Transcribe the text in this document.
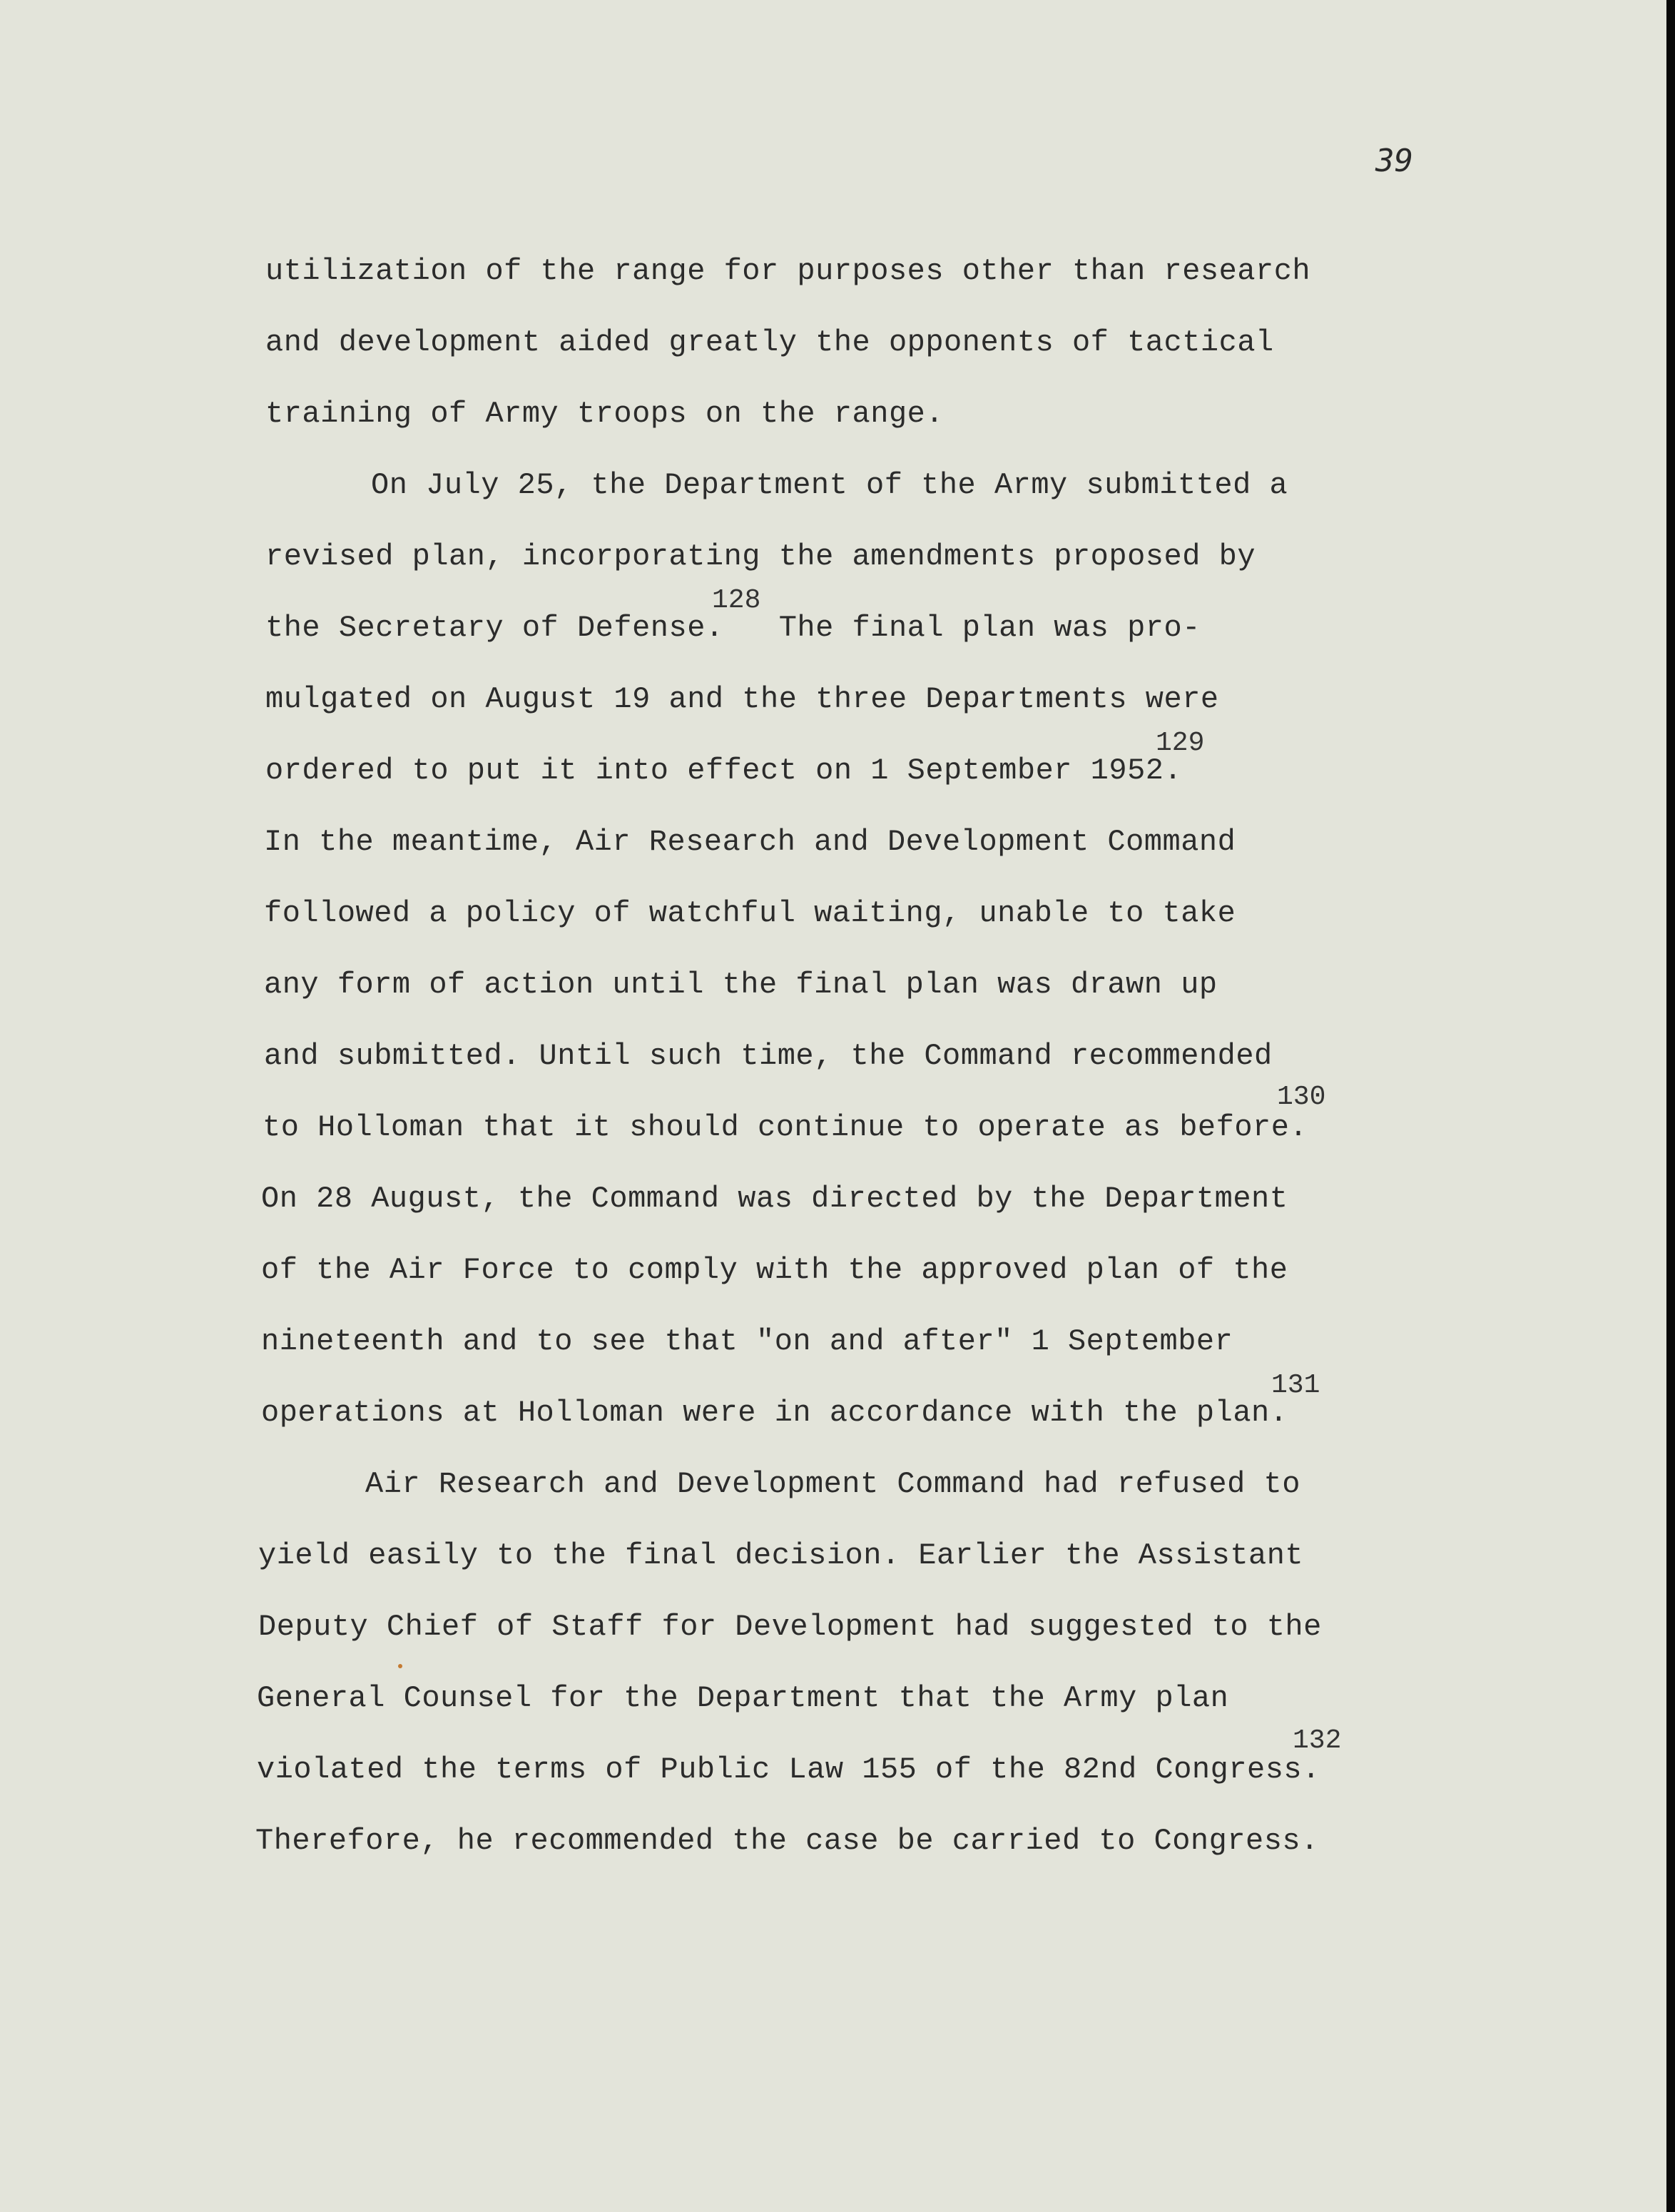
39
utilization of the range for purposes other than research
and development aided greatly the opponents of tactical
training of Army troops on the range.
On July 25, the Department of the Army submitted a
revised plan, incorporating the amendments proposed by
the Secretary of Defense.   The final plan was pro-
128
mulgated on August 19 and the three Departments were
ordered to put it into effect on 1 September 1952.
129
In the meantime, Air Research and Development Command
followed a policy of watchful waiting, unable to take
any form of action until the final plan was drawn up
and submitted. Until such time, the Command recommended
to Holloman that it should continue to operate as before.
130
On 28 August, the Command was directed by the Department
of the Air Force to comply with the approved plan of the
nineteenth and to see that "on and after" 1 September
operations at Holloman were in accordance with the plan.
131
Air Research and Development Command had refused to
yield easily to the final decision. Earlier the Assistant
Deputy Chief of Staff for Development had suggested to the
General Counsel for the Department that the Army plan
violated the terms of Public Law 155 of the 82nd Congress.
132
Therefore, he recommended the case be carried to Congress.
